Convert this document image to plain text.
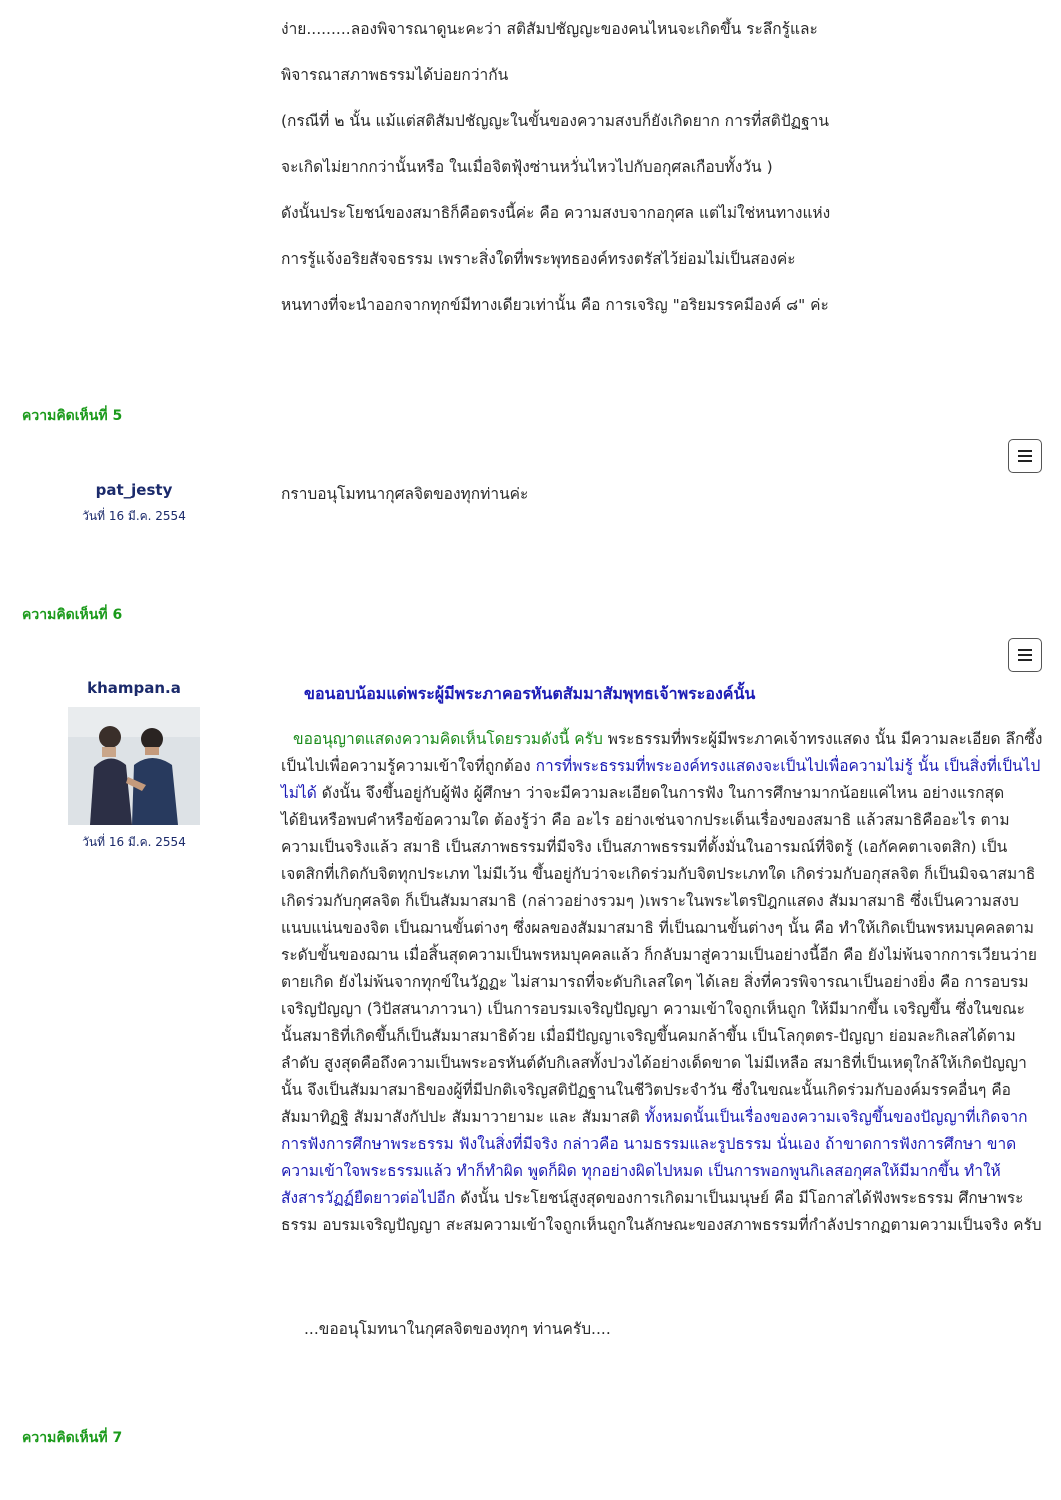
ง่าย.........ลองพิจารณาดูนะคะว่า สติสัมปชัญญะของคนไหนจะเกิดขึ้น ระลึกรู้และ

พิจารณาสภาพธรรมได้บ่อยกว่ากัน

(กรณีที่ ๒ นั้น แม้แต่สติสัมปชัญญะในขั้นของความสงบก็ยังเกิดยาก การที่สติปัฏฐาน

จะเกิดไม่ยากกว่านั้นหรือ ในเมื่อจิตฟุ้งซ่านหวั่นไหวไปกับอกุศลเกือบทั้งวัน )

ดังนั้นประโยชน์ของสมาธิก็คือตรงนี้ค่ะ คือ ความสงบจากอกุศล แต่ไม่ใช่หนทางแห่ง

การรู้แจ้งอริยสัจจธรรม เพราะสิ่งใดที่พระพุทธองค์ทรงตรัสไว้ย่อมไม่เป็นสองค่ะ

หนทางที่จะนำออกจากทุกข์มีทางเดียวเท่านั้น คือ การเจริญ "อริยมรรคมีองค์ ๘" ค่ะ

ความคิดเห็นที่ 5
pat_jesty
วันที่ 16 มี.ค. 2554
กราบอนุโมทนากุศลจิตของทุกท่านค่ะ
ความคิดเห็นที่ 6
khampan.a
วันที่ 16 มี.ค. 2554
ขอนอบน้อมแด่พระผู้มีพระภาคอรหันตสัมมาสัมพุทธเจ้าพระองค์นั้น
ขออนุญาตแสดงความคิดเห็นโดยรวมดังนี้ ครับ พระธรรมที่พระผู้มีพระภาคเจ้าทรงแสดง นั้น มีความละเอียด ลึกซึ้ง เป็นไปเพื่อความรู้ความเข้าใจที่ถูกต้อง การที่พระธรรมที่พระองค์ทรงแสดงจะเป็นไปเพื่อความไม่รู้ นั้น เป็นสิ่งที่เป็นไปไม่ได้ ดังนั้น จึงขึ้นอยู่กับผู้ฟัง ผู้ศึกษา ว่าจะมีความละเอียดในการฟัง ในการศึกษามากน้อยแค่ไหน อย่างแรกสุด ได้ยินหรือพบคำหรือข้อความใด ต้องรู้ว่า คือ อะไร อย่างเช่นจากประเด็นเรื่องของสมาธิ แล้วสมาธิคืออะไร ตามความเป็นจริงแล้ว สมาธิ เป็นสภาพธรรมที่มีจริง เป็นสภาพธรรมที่ตั้งมั่นในอารมณ์ที่จิตรู้ (เอกัคคตาเจตสิก) เป็นเจตสิกที่เกิดกับจิตทุกประเภท ไม่มีเว้น ขึ้นอยู่กับว่าจะเกิดร่วมกับจิตประเภทใด เกิดร่วมกับอกุสลจิต ก็เป็นมิจฉาสมาธิ เกิดร่วมกับกุศลจิต ก็เป็นสัมมาสมาธิ (กล่าวอย่างรวมๆ )เพราะในพระไตรปิฎกแสดง สัมมาสมาธิ ซึ่งเป็นความสงบแนบแน่นของจิต เป็นฌานขั้นต่างๆ ซึ่งผลของสัมมาสมาธิ ที่เป็นฌานขั้นต่างๆ นั้น คือ ทำให้เกิดเป็นพรหมบุคคลตามระดับขั้นของฌาน เมื่อสิ้นสุดความเป็นพรหมบุคคลแล้ว ก็กลับมาสู่ความเป็นอย่างนี้อีก คือ ยังไม่พ้นจากการเวียนว่ายตายเกิด ยังไม่พ้นจากทุกข์ในวัฏฏะ ไม่สามารถที่จะดับกิเลสใดๆ ได้เลย สิ่งที่ควรพิจารณาเป็นอย่างยิ่ง คือ การอบรมเจริญปัญญา (วิปัสสนาภาวนา) เป็นการอบรมเจริญปัญญา ความเข้าใจถูกเห็นถูก ให้มีมากขึ้น เจริญขึ้น ซึ่งในขณะนั้นสมาธิที่เกิดขึ้นก็เป็นสัมมาสมาธิด้วย เมื่อมีปัญญาเจริญขึ้นคมกล้าขึ้น เป็นโลกุตตร-ปัญญา ย่อมละกิเลสได้ตามลำดับ สูงสุดคือถึงความเป็นพระอรหันต์ดับกิเลสทั้งปวงได้อย่างเด็ดขาด ไม่มีเหลือ สมาธิที่เป็นเหตุใกล้ให้เกิดปัญญานั้น จึงเป็นสัมมาสมาธิของผู้ที่มีปกติเจริญสติปัฏฐานในชีวิตประจำวัน ซึ่งในขณะนั้นเกิดร่วมกับองค์มรรคอื่นๆ คือ สัมมาทิฏฐิ สัมมาสังกัปปะ สัมมาวายามะ และ สัมมาสติ ทั้งหมดนั้นเป็นเรื่องของความเจริญขึ้นของปัญญาที่เกิดจากการฟังการศึกษาพระธรรม ฟังในสิ่งที่มีจริง กล่าวคือ นามธรรมและรูปธรรม นั่นเอง ถ้าขาดการฟังการศึกษา ขาดความเข้าใจพระธรรมแล้ว ทำก็ทำผิด พูดก็ผิด ทุกอย่างผิดไปหมด เป็นการพอกพูนกิเลสอกุศลให้มีมากขึ้น ทำให้สังสารวัฏฏ์ยืดยาวต่อไปอีก ดังนั้น ประโยชน์สูงสุดของการเกิดมาเป็นมนุษย์ คือ มีโอกาสได้ฟังพระธรรม ศึกษาพระธรรม อบรมเจริญปัญญา สะสมความเข้าใจถูกเห็นถูกในลักษณะของสภาพธรรมที่กำลังปรากฏตามความเป็นจริง ครับ
...ขออนุโมทนาในกุศลจิตของทุกๆ ท่านครับ....
ความคิดเห็นที่ 7
